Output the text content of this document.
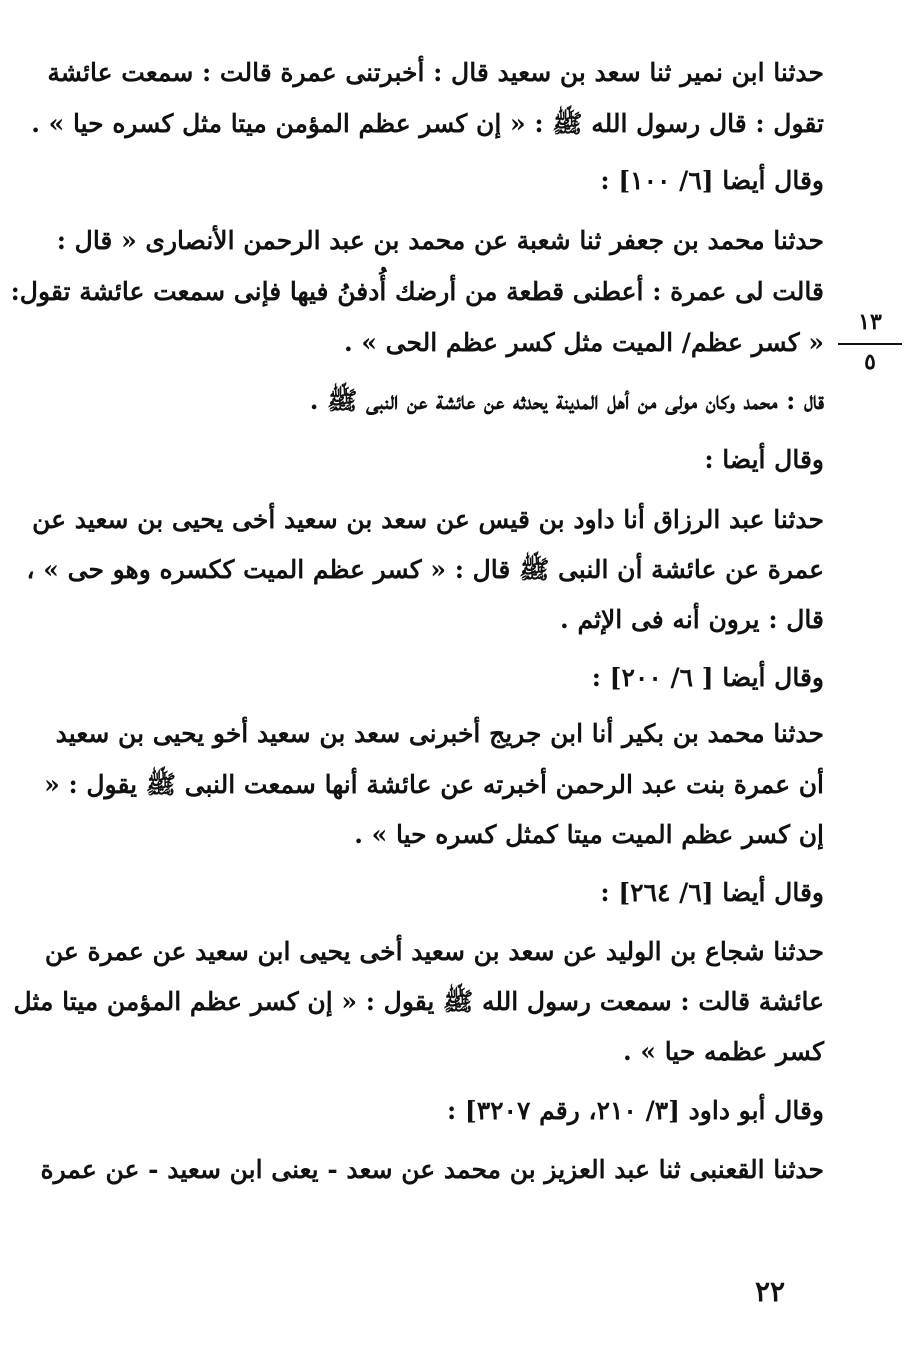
حدثنا ابن نمير ثنا سعد بن سعيد قال : أخبرتنى عمرة قالت : سمعت عائشة
تقول : قال رسول الله ﷺ : « إن كسر عظم المؤمن ميتا مثل كسره حيا » .
وقال أيضا [٦/ ١٠٠] :
حدثنا محمد بن جعفر ثنا شعبة عن محمد بن عبد الرحمن الأنصارى « قال :
قالت لى عمرة : أعطنى قطعة من أرضك أُدفنُ فيها فإنى سمعت عائشة تقول:
« كسر عظم/ الميت مثل كسر عظم الحى » .
قال : محمد وكان مولى من أهل المدينة يحدثه عن عائشة عن النبى ﷺ .
وقال أيضا :
حدثنا عبد الرزاق أنا داود بن قيس عن سعد بن سعيد أخى يحيى بن سعيد عن
عمرة عن عائشة أن النبى ﷺ قال : « كسر عظم الميت ككسره وهو حى » ،
قال : يرون أنه فى الإثم .
وقال أيضا [ ٦/ ٢٠٠] :
حدثنا محمد بن بكير أنا ابن جريج أخبرنى سعد بن سعيد أخو يحيى بن سعيد
أن عمرة بنت عبد الرحمن أخبرته عن عائشة أنها سمعت النبى ﷺ يقول : «
إن كسر عظم الميت ميتا كمثل كسره حيا » .
وقال أيضا [٦/ ٢٦٤] :
حدثنا شجاع بن الوليد عن سعد بن سعيد أخى يحيى ابن سعيد عن عمرة عن
عائشة قالت : سمعت رسول الله ﷺ يقول : « إن كسر عظم المؤمن ميتا مثل
كسر عظمه حيا » .
وقال أبو داود [٣/ ٢١٠، رقم ٣٢٠٧] :
حدثنا القعنبى ثنا عبد العزيز بن محمد عن سعد - يعنى ابن سعيد - عن عمرة
١٣
٥
٢٢
